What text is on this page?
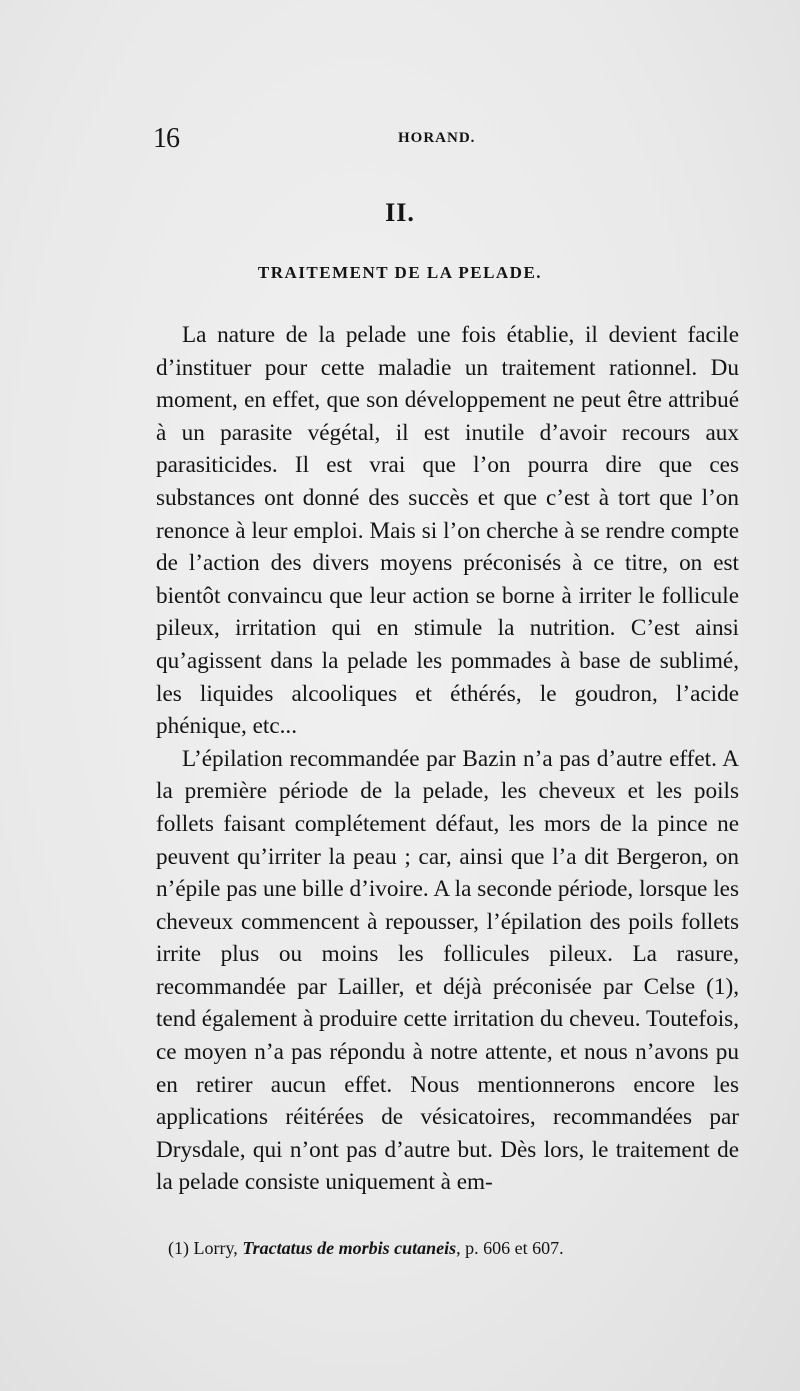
16	HORAND.
II.
TRAITEMENT DE LA PELADE.

La nature de la pelade une fois établie, il devient facile d’instituer pour cette maladie un traitement rationnel. Du moment, en effet, que son développement ne peut être attribué à un parasite végétal, il est inutile d’avoir recours aux parasiticides. Il est vrai que l’on pourra dire que ces substances ont donné des succès et que c’est à tort que l’on renonce à leur emploi. Mais si l’on cherche à se rendre compte de l’action des divers moyens préconisés à ce titre, on est bientôt convaincu que leur action se borne à irriter le follicule pileux, irritation qui en stimule la nutrition. C’est ainsi qu’agissent dans la pelade les pommades à base de sublimé, les liquides alcooliques et éthérés, le goudron, l’acide phénique, etc...

L’épilation recommandée par Bazin n’a pas d’autre effet. A la première période de la pelade, les cheveux et les poils follets faisant complétement défaut, les mors de la pince ne peuvent qu’irriter la peau ; car, ainsi que l’a dit Bergeron, on n’épile pas une bille d’ivoire. A la seconde période, lorsque les cheveux commencent à repousser, l’épilation des poils follets irrite plus ou moins les follicules pileux. La rasure, recommandée par Lailler, et déjà préconisée par Celse (1), tend également à produire cette irritation du cheveu. Toutefois, ce moyen n’a pas répondu à notre attente, et nous n’avons pu en retirer aucun effet. Nous mentionnerons encore les applications réitérées de vésicatoires, recommandées par Drysdale, qui n’ont pas d’autre but. Dès lors, le traitement de la pelade consiste uniquement à em-

(1) Lorry, Tractatus de morbis cutaneis, p. 606 et 607.
